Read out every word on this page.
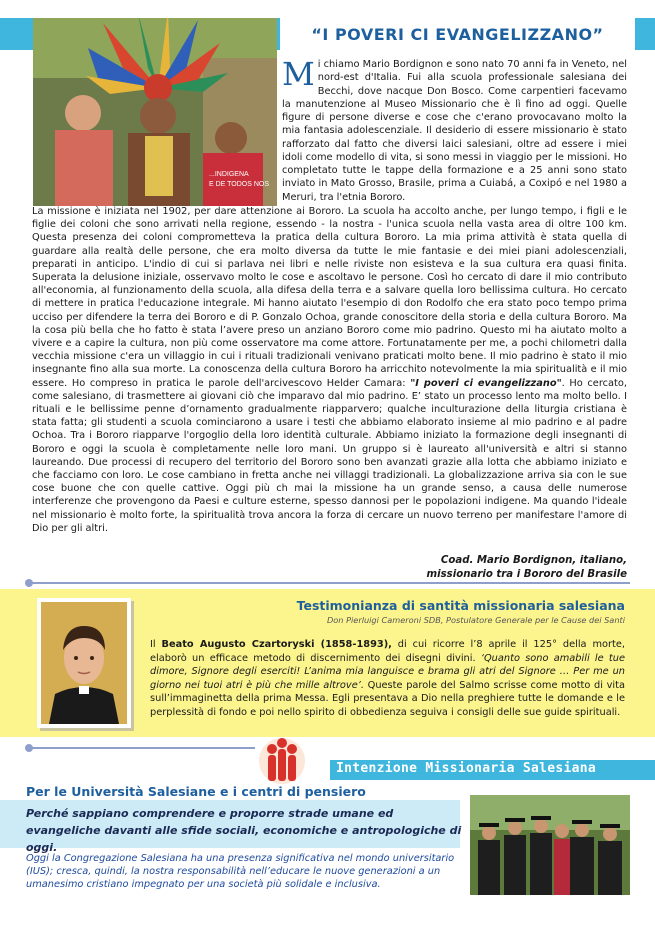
“I POVERI CI EVANGELIZZANO”
...INDIGENA
E DE TODOS NOS
Mi chiamo Mario Bordignon e sono nato 70 anni fa in Veneto, nel nord-est d'Italia. Fui alla scuola professionale salesiana dei Becchi, dove nacque Don Bosco. Come carpentieri facevamo la manutenzione al Museo Missionario che è lì fino ad oggi. Quelle figure di persone diverse e cose che c'erano provocavano molto la mia fantasia adolescenziale. Il desiderio di essere missionario è stato rafforzato dal fatto che diversi laici salesiani, oltre ad essere i miei idoli come modello di vita, si sono messi in viaggio per le missioni. Ho completato tutte le tappe della formazione e a 25 anni sono stato inviato in Mato Grosso, Brasile, prima a Cuiabá, a Coxipó e nel 1980 a Meruri, tra l'etnia Bororo.
La missione è iniziata nel 1902, per dare attenzione ai Bororo. La scuola ha accolto anche, per lungo tempo, i figli e le figlie dei coloni che sono arrivati nella regione, essendo - la nostra - l'unica scuola nella vasta area di oltre 100 km. Questa presenza dei coloni comprometteva la pratica della cultura Bororo. La mia prima attività è stata quella di guardare alla realtà delle persone, che era molto diversa da tutte le mie fantasie e dei miei piani adolescenziali, preparati in anticipo. L'indio di cui si parlava nei libri e nelle riviste non esisteva e la sua cultura era quasi finita. Superata la delusione iniziale, osservavo molto le cose e ascoltavo le persone. Così ho cercato di dare il mio contributo all'economia, al funzionamento della scuola, alla difesa della terra e a salvare quella loro bellissima cultura. Ho cercato di mettere in pratica l'educazione integrale. Mi hanno aiutato l'esempio di don Rodolfo che era stato poco tempo prima ucciso per difendere la terra dei Bororo e di P. Gonzalo Ochoa, grande conoscitore della storia e della cultura Bororo. Ma la cosa più bella che ho fatto è stata l’avere preso un anziano Bororo come mio padrino. Questo mi ha aiutato molto a vivere e a capire la cultura, non più come osservatore ma come attore. Fortunatamente per me, a pochi chilometri dalla vecchia missione c'era un villaggio in cui i rituali tradizionali venivano praticati molto bene. Il mio padrino è stato il mio insegnante fino alla sua morte. La conoscenza della cultura Bororo ha arricchito notevolmente la mia spiritualità e il mio essere. Ho compreso in pratica le parole dell'arcivescovo Helder Camara: "I poveri ci evangelizzano". Ho cercato, come salesiano, di trasmettere ai giovani ciò che imparavo dal mio padrino. E’ stato un processo lento ma molto bello. I rituali e le bellissime penne d’ornamento gradualmente riapparvero; qualche inculturazione della liturgia cristiana è stata fatta; gli studenti a scuola cominciarono a usare i testi che abbiamo elaborato insieme al mio padrino e al padre Ochoa. Tra i Bororo riapparve l'orgoglio della loro identità culturale. Abbiamo iniziato la formazione degli insegnanti di Bororo e oggi la scuola è completamente nelle loro mani. Un gruppo si è laureato all'università e altri si stanno laureando. Due processi di recupero del territorio del Bororo sono ben avanzati grazie alla lotta che abbiamo iniziato e che facciamo con loro. Le cose cambiano in fretta anche nei villaggi tradizionali. La globalizzazione arriva sia con le sue cose buone che con quelle cattive. Oggi più ch mai la missione ha un grande senso, a causa delle numerose interferenze che provengono da Paesi e culture esterne, spesso dannosi per le popolazioni indigene. Ma quando l'ideale nel missionario è molto forte, la spiritualità trova ancora la forza di cercare un nuovo terreno per manifestare l'amore di Dio per gli altri.
Coad. Mario Bordignon, italiano,
missionario tra i Bororo del Brasile
Testimonianza di santità missionaria salesiana
Don Pierluigi Cameroni SDB, Postulatore Generale per le Cause dei Santi
Il Beato Augusto Czartoryski (1858-1893), di cui ricorre l’8 aprile il 125° della morte, elaborò un efficace metodo di discernimento dei disegni divini. ‘Quanto sono amabili le tue dimore, Signore degli eserciti! L’anima mia languisce e brama gli atri del Signore … Per me un giorno nei tuoi atri è più che mille altrove’. Queste parole del Salmo scrisse come motto di vita sull’immaginetta della prima Messa. Egli presentava a Dio nella preghiere tutte le domande e le perplessità di fondo e poi nello spirito di obbedienza seguiva i consigli delle sue guide spirituali.
Intenzione Missionaria Salesiana
Per le Università Salesiane e i centri di pensiero
Perché sappiano comprendere e proporre strade umane ed evangeliche davanti alle sfide sociali, economiche e antropologiche di oggi.
Oggi la Congregazione Salesiana ha una presenza significativa nel mondo universitario (IUS); cresca, quindi, la nostra responsabilità nell’educare le nuove generazioni a un umanesimo cristiano impegnato per una società più solidale e inclusiva.
